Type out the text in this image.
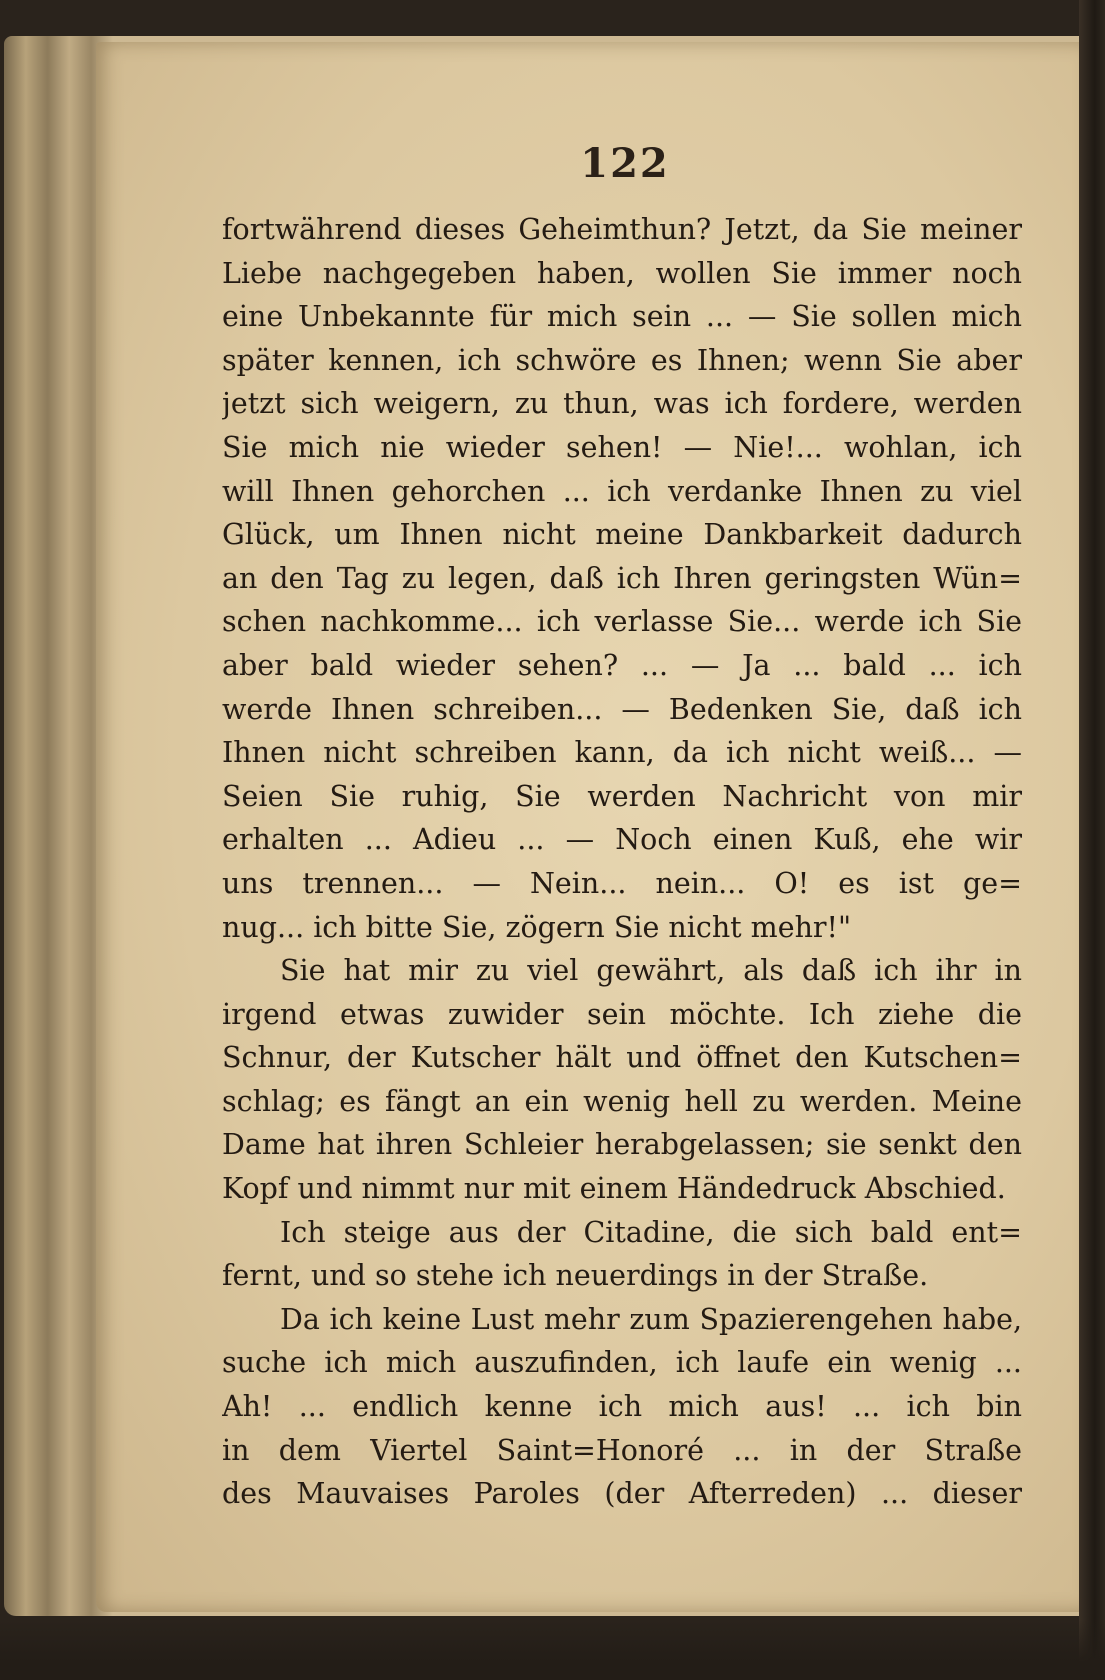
122
fortwährend dieses Geheimthun? Jetzt, da Sie meiner
Liebe nachgegeben haben, wollen Sie immer noch
eine Unbekannte für mich sein ... — Sie sollen mich
später kennen, ich schwöre es Ihnen; wenn Sie aber
jetzt sich weigern, zu thun, was ich fordere, werden
Sie mich nie wieder sehen! — Nie!... wohlan, ich
will Ihnen gehorchen ... ich verdanke Ihnen zu viel
Glück, um Ihnen nicht meine Dankbarkeit dadurch
an den Tag zu legen, daß ich Ihren geringsten Wün=
schen nachkomme... ich verlasse Sie... werde ich Sie
aber bald wieder sehen? ... — Ja ... bald ... ich
werde Ihnen schreiben... — Bedenken Sie, daß ich
Ihnen nicht schreiben kann, da ich nicht weiß... —
Seien Sie ruhig, Sie werden Nachricht von mir
erhalten ... Adieu ... — Noch einen Kuß, ehe wir
uns trennen... — Nein... nein... O! es ist ge=
nug... ich bitte Sie, zögern Sie nicht mehr!"
Sie hat mir zu viel gewährt, als daß ich ihr in
irgend etwas zuwider sein möchte. Ich ziehe die
Schnur, der Kutscher hält und öffnet den Kutschen=
schlag; es fängt an ein wenig hell zu werden. Meine
Dame hat ihren Schleier herabgelassen; sie senkt den
Kopf und nimmt nur mit einem Händedruck Abschied.
Ich steige aus der Citadine, die sich bald ent=
fernt, und so stehe ich neuerdings in der Straße.
Da ich keine Lust mehr zum Spazierengehen habe,
suche ich mich auszufinden, ich laufe ein wenig ...
Ah! ... endlich kenne ich mich aus! ... ich bin
in dem Viertel Saint=Honoré ... in der Straße
des Mauvaises Paroles (der Afterreden) ... dieser
